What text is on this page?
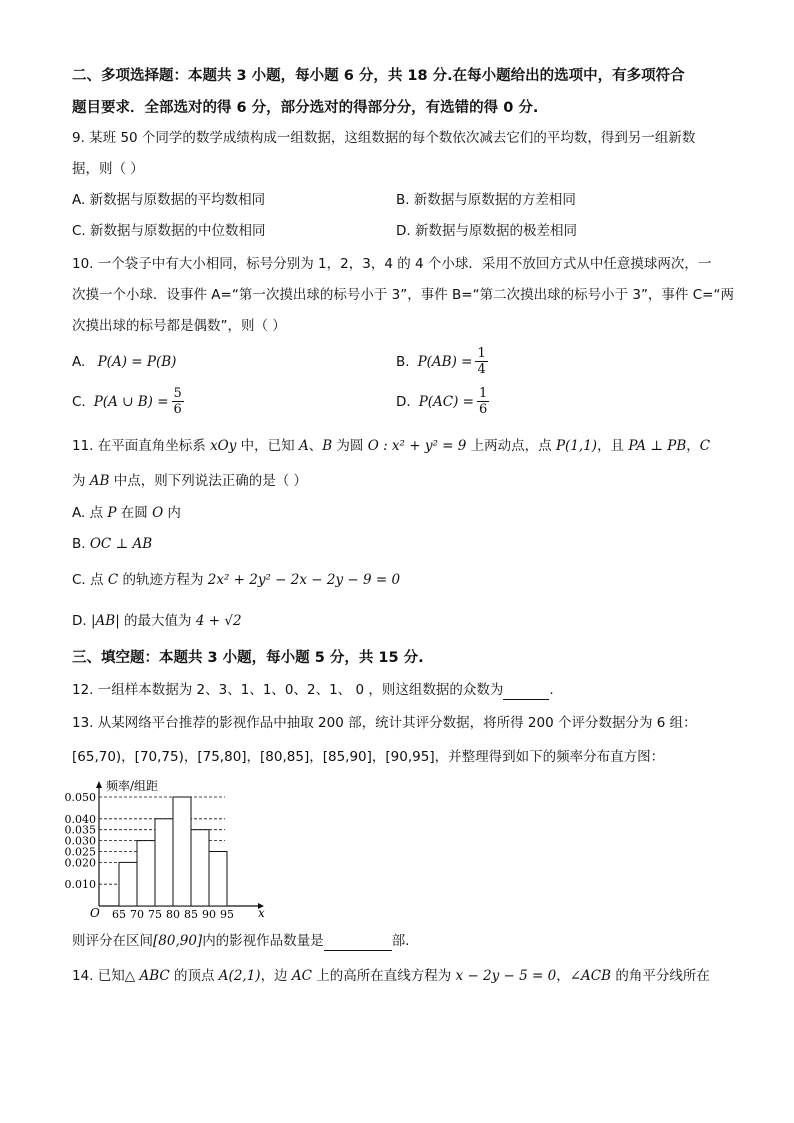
二、多项选择题：本题共 3 小题，每小题 6 分，共 18 分.在每小题给出的选项中，有多项符合
题目要求．全部选对的得 6 分，部分选对的得部分分，有选错的得 0 分.
9. 某班 50 个同学的数学成绩构成一组数据，这组数据的每个数依次减去它们的平均数，得到另一组新数
据，则（ ）
A. 新数据与原数据的平均数相同	B. 新数据与原数据的方差相同
C. 新数据与原数据的中位数相同	D. 新数据与原数据的极差相同
10. 一个袋子中有大小相同，标号分别为 1，2，3，4 的 4 个小球．采用不放回方式从中任意摸球两次，一
次摸一个小球．设事件 A=“第一次摸出球的标号小于 3”，事件 B=“第二次摸出球的标号小于 3”，事件 C=“两
次摸出球的标号都是偶数”，则（ ）
A. P(A) = P(B)	B. $P(AB) = \frac{1}{4}$
C. P(A ∪ $B) = \frac{5}{6}$	D. $P(AC) = \frac{1}{6}$
11. 在平面直角坐标系 xOy 中，已知 A、B 为圆 O : x² + y² = 9 上两动点，点 P(1,1)，且 PA ⊥ PB，C
为 AB 中点，则下列说法正确的是（ ）
A. 点 P 在圆 O 内
B. OC ⊥ AB
C. 点 C 的轨迹方程为 2x² + 2y² − 2x − 2y − 9 = 0
D. |AB| 的最大值为 4 + √2
三、填空题：本题共 3 小题，每小题 5 分，共 15 分.
12. 一组样本数据为 2、3、1、1、0、2、1、 0 ，则这组数据的众数为	.
13. 从某网络平台推荐的影视作品中抽取 200 部，统计其评分数据，将所得 200 个评分数据分为 6 组：
[65,70)，[70,75)，[75,80]，[80,85]，[85,90]，[90,95]，并整理得到如下的频率分布直方图：
频率/组距
x
O
0.050
0.040
0.035
0.030
0.025
0.020
0.010
65 70 75 80 85 90 95
则评分在区间[80,90]内的影视作品数量是	部.
14. 已知△ ABC 的顶点 A(2,1)，边 AC 上的高所在直线方程为 x − 2y − 5 = 0，∠ACB 的角平分线所在
